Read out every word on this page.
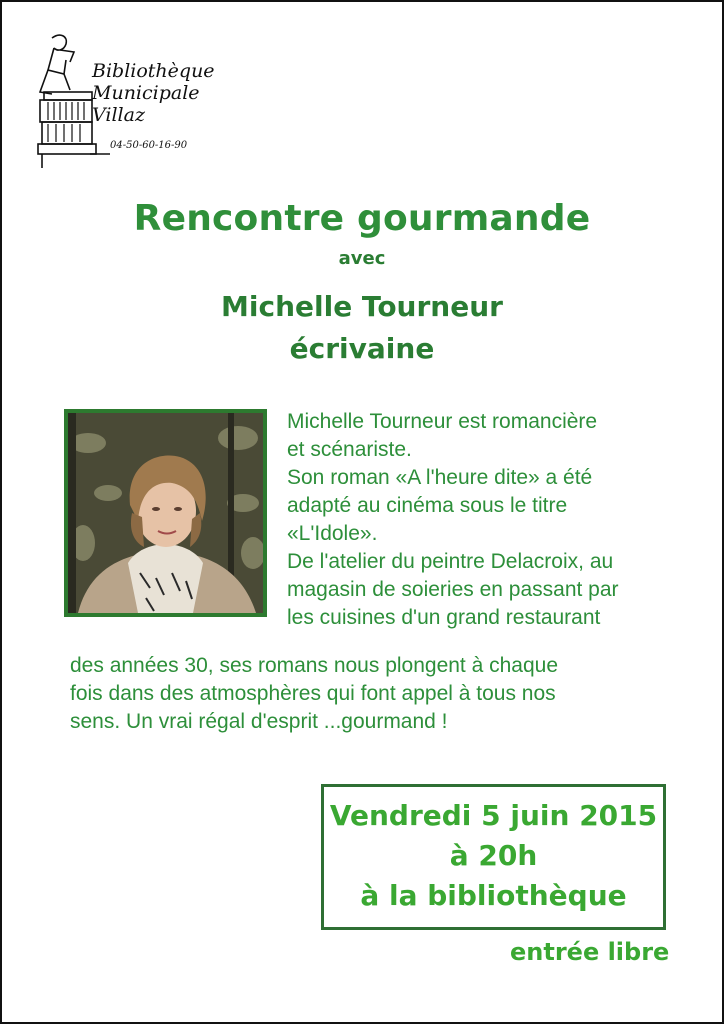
Bibliothèque
Municipale
Villaz
04-50-60-16-90
Rencontre gourmande
avec
Michelle Tourneur
écrivaine
Michelle Tourneur est romancière
et scénariste.
Son roman «A l'heure dite» a été
adapté au cinéma sous le titre
«L'Idole».
De l'atelier du peintre Delacroix, au
magasin de soieries en passant par
les cuisines d'un grand restaurant
des années 30, ses romans nous plongent à chaque
fois dans des atmosphères qui font appel à tous nos
sens. Un vrai régal d'esprit ...gourmand !
Vendredi 5 juin 2015
à 20h
à la bibliothèque
entrée libre
